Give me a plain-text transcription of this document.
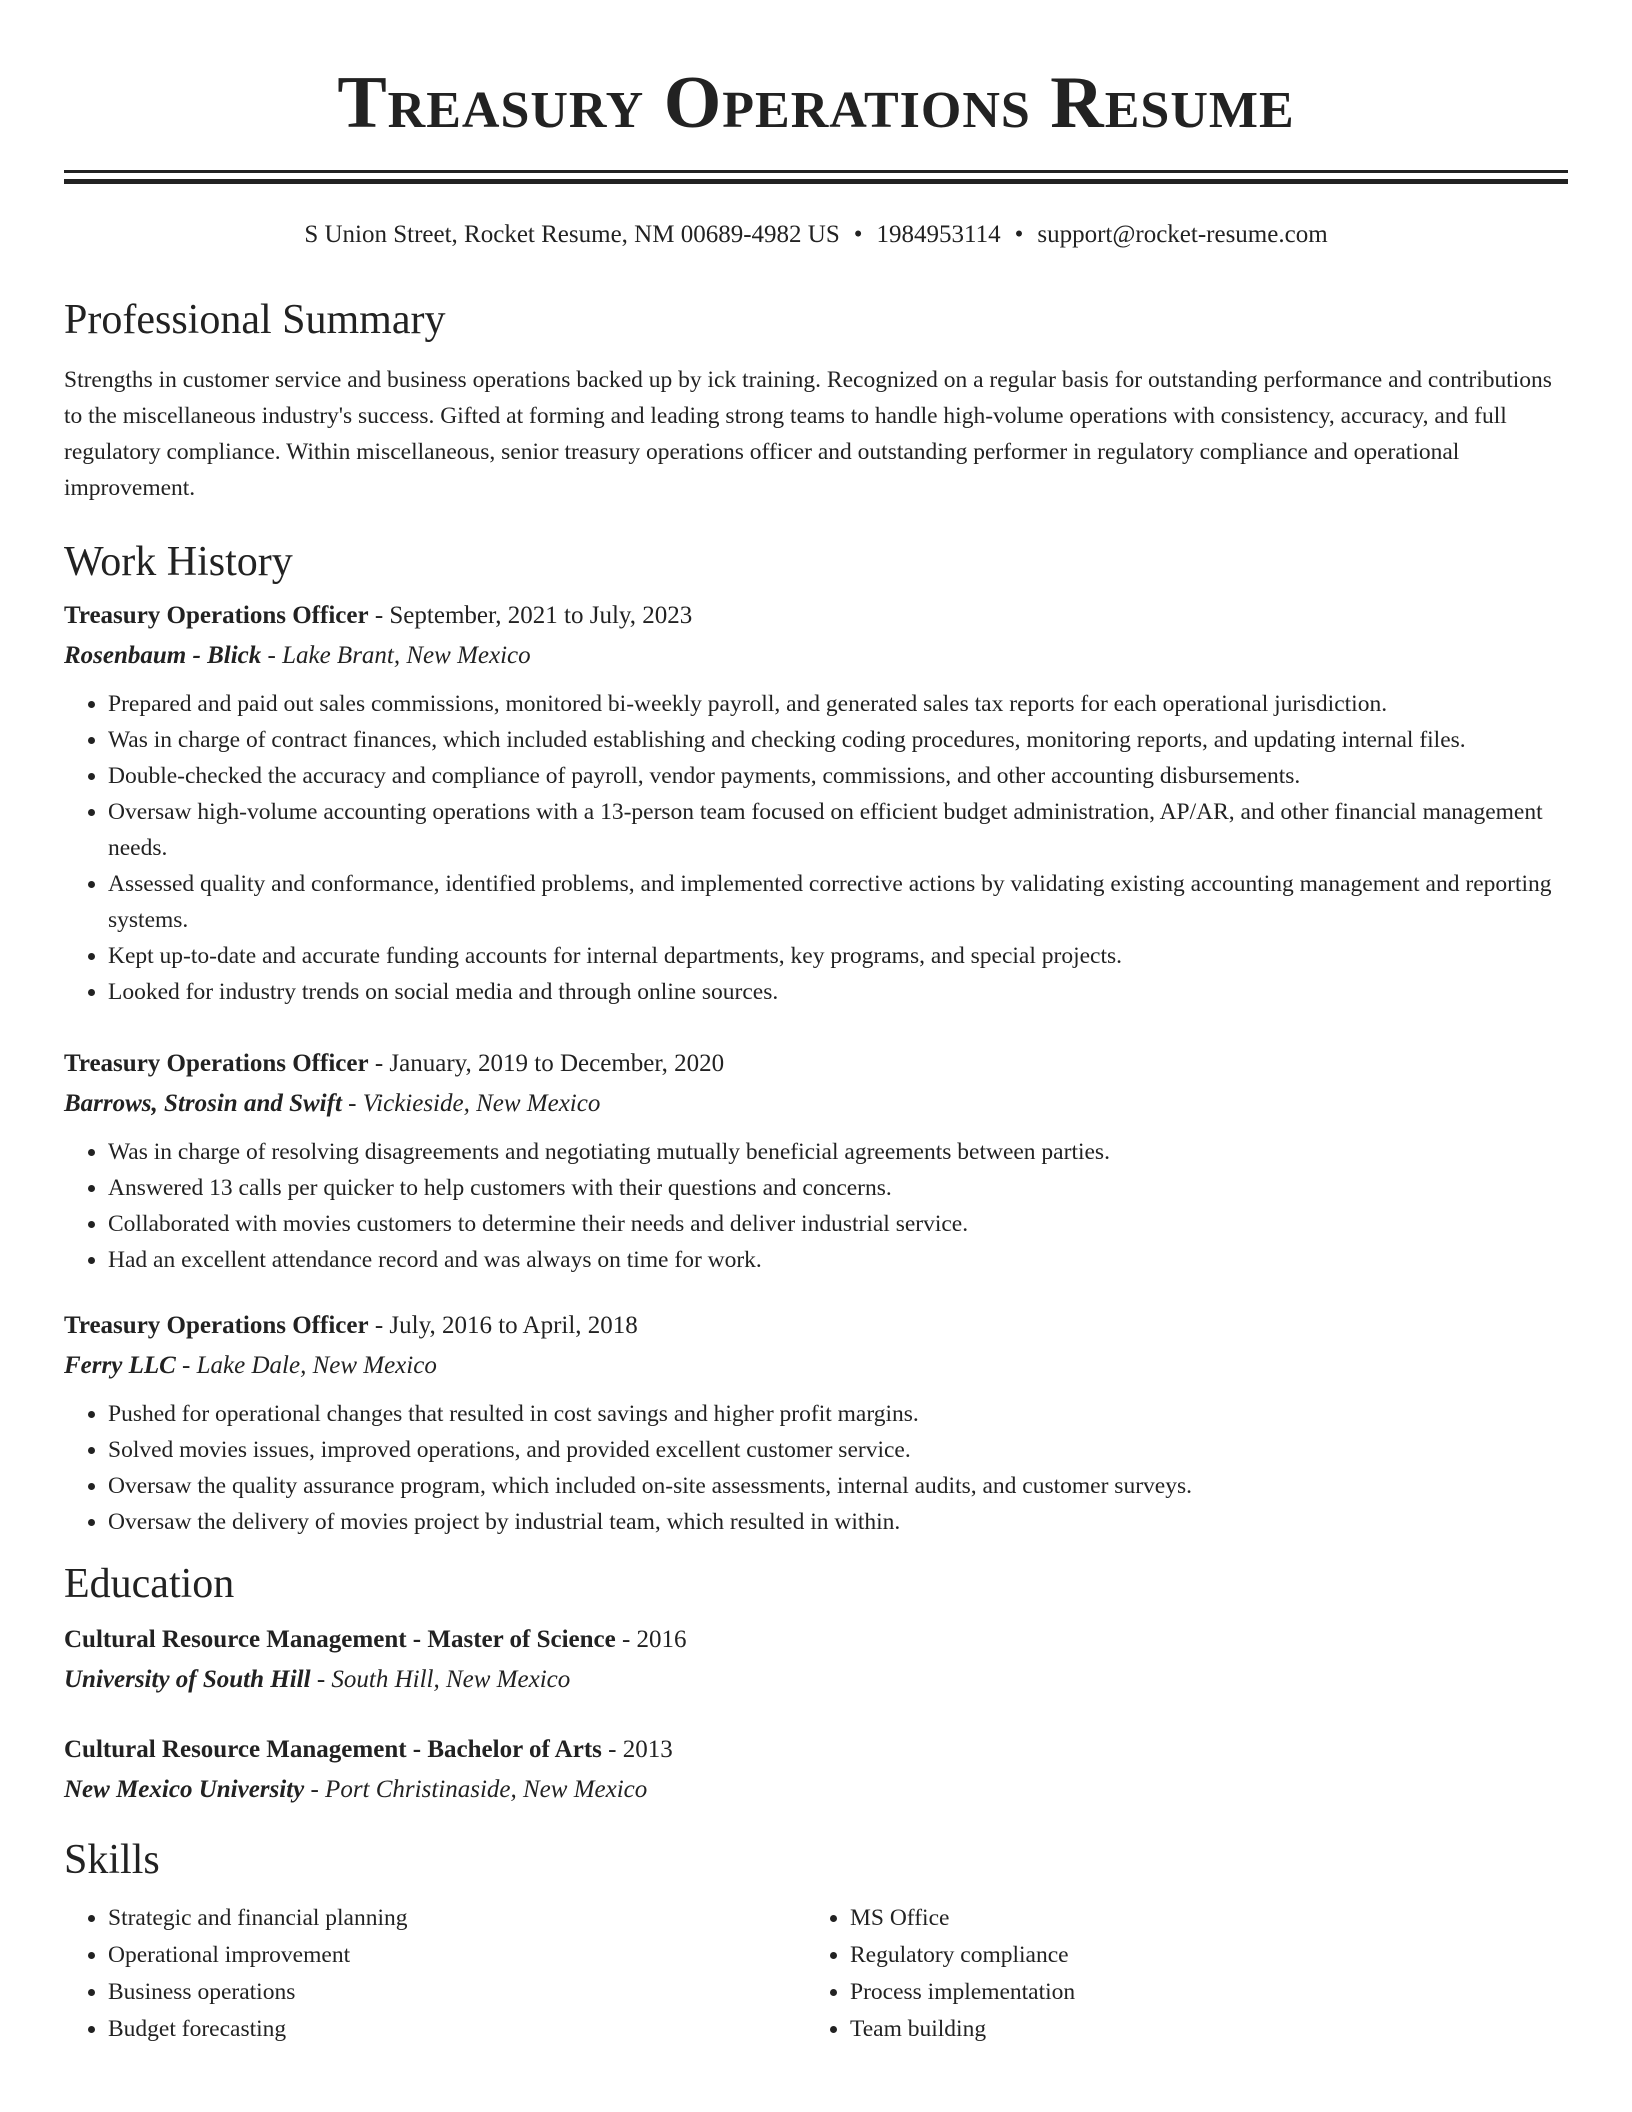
Treasury Operations Resume
S Union Street, Rocket Resume, NM 00689-4982 US • 1984953114 • support@rocket-resume.com
Professional Summary

Strengths in customer service and business operations backed up by ick training. Recognized on a regular basis for outstanding performance and contributions to the miscellaneous industry's success. Gifted at forming and leading strong teams to handle high-volume operations with consistency, accuracy, and full regulatory compliance. Within miscellaneous, senior treasury operations officer and outstanding performer in regulatory compliance and operational improvement.

Work History
Treasury Operations Officer - September, 2021 to July, 2023
Rosenbaum - Blick - Lake Brant, New Mexico
• Prepared and paid out sales commissions, monitored bi-weekly payroll, and generated sales tax reports for each operational jurisdiction.
• Was in charge of contract finances, which included establishing and checking coding procedures, monitoring reports, and updating internal files.
• Double-checked the accuracy and compliance of payroll, vendor payments, commissions, and other accounting disbursements.
• Oversaw high-volume accounting operations with a 13-person team focused on efficient budget administration, AP/AR, and other financial management needs.
• Assessed quality and conformance, identified problems, and implemented corrective actions by validating existing accounting management and reporting systems.
• Kept up-to-date and accurate funding accounts for internal departments, key programs, and special projects.
• Looked for industry trends on social media and through online sources.
Treasury Operations Officer - January, 2019 to December, 2020
Barrows, Strosin and Swift - Vickieside, New Mexico
• Was in charge of resolving disagreements and negotiating mutually beneficial agreements between parties.
• Answered 13 calls per quicker to help customers with their questions and concerns.
• Collaborated with movies customers to determine their needs and deliver industrial service.
• Had an excellent attendance record and was always on time for work.
Treasury Operations Officer - July, 2016 to April, 2018
Ferry LLC - Lake Dale, New Mexico
• Pushed for operational changes that resulted in cost savings and higher profit margins.
• Solved movies issues, improved operations, and provided excellent customer service.
• Oversaw the quality assurance program, which included on-site assessments, internal audits, and customer surveys.
• Oversaw the delivery of movies project by industrial team, which resulted in within.
Education
Cultural Resource Management - Master of Science - 2016
University of South Hill - South Hill, New Mexico
Cultural Resource Management - Bachelor of Arts - 2013
New Mexico University - Port Christinaside, New Mexico
Skills
• Strategic and financial planning
• Operational improvement
• Business operations
• Budget forecasting
• MS Office
• Regulatory compliance
• Process implementation
• Team building
